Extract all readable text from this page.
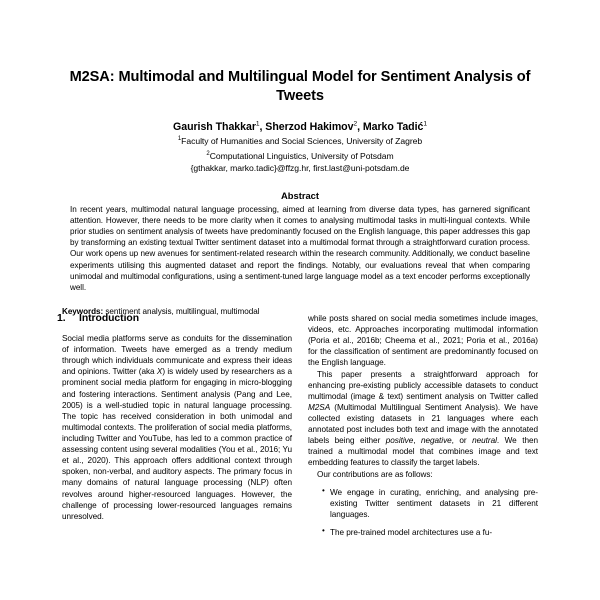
M2SA: Multimodal and Multilingual Model for Sentiment Analysis of Tweets
Gaurish Thakkar$^1$, Sherzod Hakimov$^2$, Marko Tadić$^1$
$^1$Faculty of Humanities and Social Sciences, University of Zagreb
$^2$Computational Linguistics, University of Potsdam
{gthakkar, marko.tadic}@ffzg.hr, first.last@uni-potsdam.de
Abstract
In recent years, multimodal natural language processing, aimed at learning from diverse data types, has garnered significant attention. However, there needs to be more clarity when it comes to analysing multimodal tasks in multi-lingual contexts. While prior studies on sentiment analysis of tweets have predominantly focused on the English language, this paper addresses this gap by transforming an existing textual Twitter sentiment dataset into a multimodal format through a straightforward curation process. Our work opens up new avenues for sentiment-related research within the research community. Additionally, we conduct baseline experiments utilising this augmented dataset and report the findings. Notably, our evaluations reveal that when comparing unimodal and multimodal configurations, using a sentiment-tuned large language model as a text encoder performs exceptionally well.
Keywords: sentiment analysis, multilingual, multimodal
1. Introduction

Social media platforms serve as conduits for the dissemination of information. Tweets have emerged as a trendy medium through which individuals communicate and express their ideas and opinions. Twitter (aka X) is widely used by researchers as a prominent social media platform for engaging in micro-blogging and fostering interactions. Sentiment analysis (Pang and Lee, 2005) is a well-studied topic in natural language processing. The topic has received consideration in both unimodal and multimodal contexts. The proliferation of social media platforms, including Twitter and YouTube, has led to a common practice of assessing content using several modalities (You et al., 2016; Yu et al., 2020). This approach offers additional context through spoken, non-verbal, and auditory aspects. The primary focus in many domains of natural language processing (NLP) often revolves around higher-resourced languages. However, the challenge of processing lower-resourced languages remains unresolved.

while posts shared on social media sometimes include images, videos, etc. Approaches incorporating multimodal information (Poria et al., 2016b; Cheema et al., 2021; Poria et al., 2016a) for the classification of sentiment are predominantly focused on the English language.

This paper presents a straightforward approach for enhancing pre-existing publicly accessible datasets to conduct multimodal (image & text) sentiment analysis on Twitter called M2SA (Multimodal Multilingual Sentiment Analysis). We have collected existing datasets in 21 languages where each annotated post includes both text and image with the annotated labels being either positive, negative, or neutral. We then trained a multimodal model that combines image and text embedding features to classify the target labels.

Our contributions are as follows:

• We engage in curating, enriching, and analysing pre-existing Twitter sentiment datasets in 21 different languages.
• The pre-trained model architectures use a fu-
